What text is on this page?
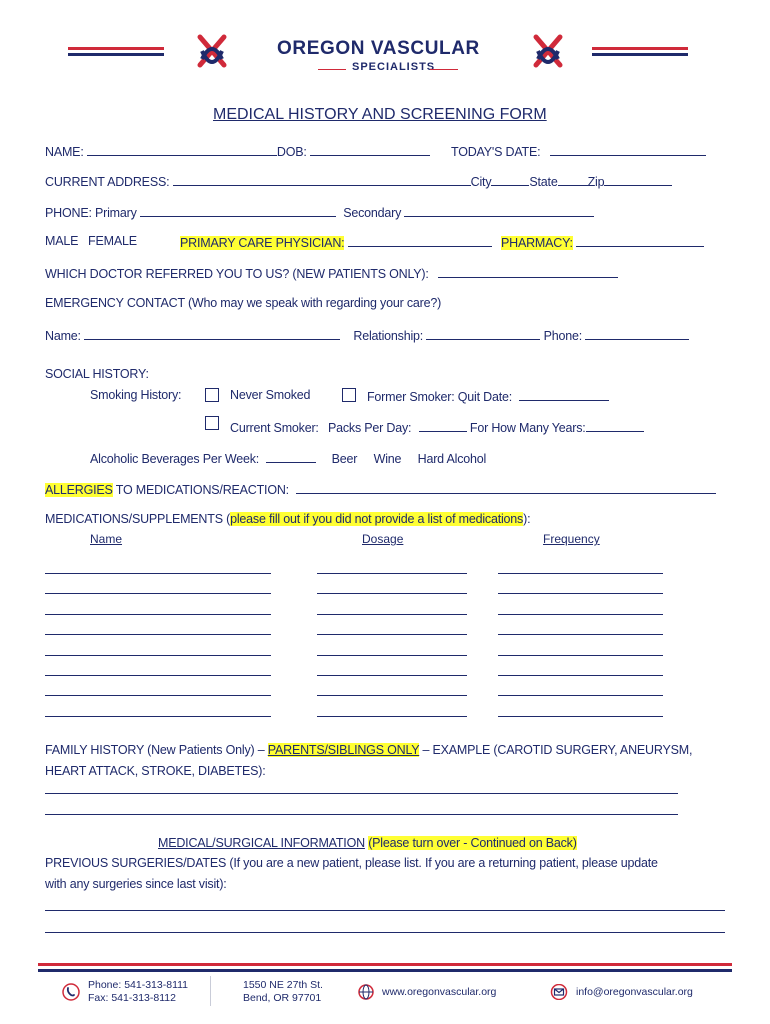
OREGON VASCULAR
SPECIALISTS
MEDICAL HISTORY AND SCREENING FORM
NAME:	DOB:	TODAY'S DATE:
CURRENT ADDRESS:	City	State Zip
PHONE: Primary	Secondary
MALE   FEMALE	PRIMARY CARE PHYSICIAN:	PHARMACY:
WHICH DOCTOR REFERRED YOU TO US? (NEW PATIENTS ONLY):
EMERGENCY CONTACT (Who may we speak with regarding your care?)
Name:	Relationship:	Phone:
SOCIAL HISTORY:
Smoking History:	Never Smoked	Former Smoker: Quit Date:
Current Smoker: Packs Per Day:	For How Many Years:
Alcoholic Beverages Per Week:	Beer     Wine     Hard Alcohol
ALLERGIES TO MEDICATIONS/REACTION:
MEDICATIONS/SUPPLEMENTS (please fill out if you did not provide a list of medications):
Name	Dosage	Frequency
FAMILY HISTORY (New Patients Only) – PARENTS/SIBLINGS ONLY – EXAMPLE (CAROTID SURGERY, ANEURYSM,
HEART ATTACK, STROKE, DIABETES):
MEDICAL/SURGICAL INFORMATION (Please turn over - Continued on Back)
PREVIOUS SURGERIES/DATES (If you are a new patient, please list. If you are a returning patient, please update
with any surgeries since last visit):
Phone: 541-313-8111
Fax: 541-313-8112
1550 NE 27th St.
Bend, OR 97701	www.oregonvascular.org	info@oregonvascular.org
